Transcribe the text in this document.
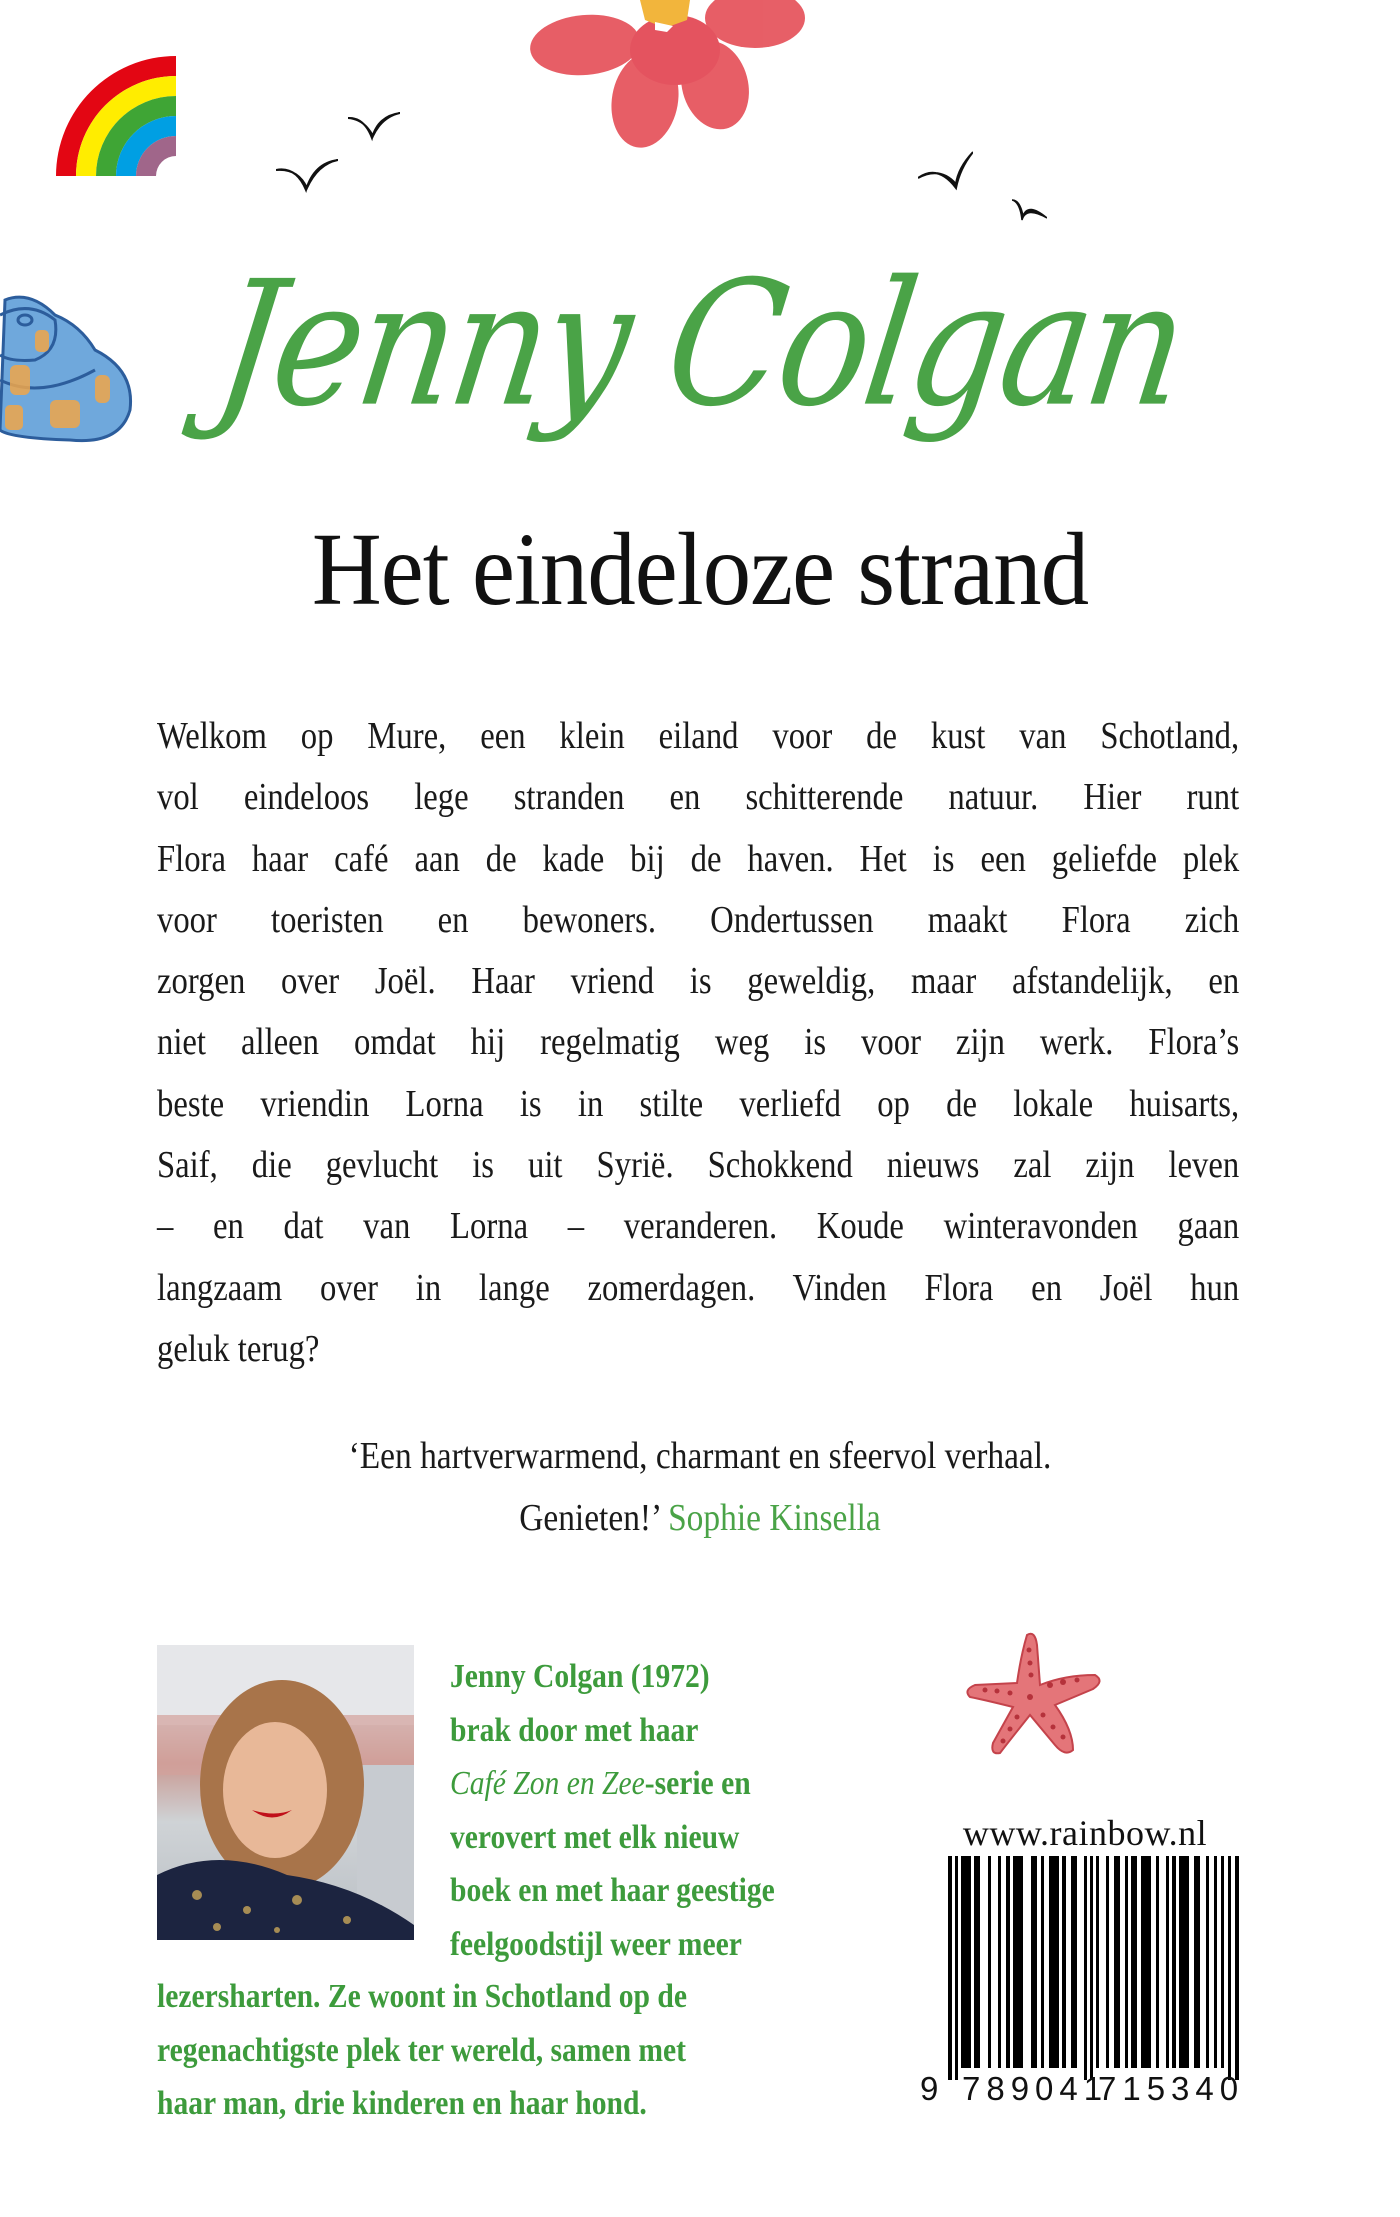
Jenny Colgan
Het eindeloze strand
Welkom op Mure, een klein eiland voor de kust van Schotland,
vol eindeloos lege stranden en schitterende natuur. Hier runt
Flora haar café aan de kade bij de haven. Het is een geliefde plek
voor toeristen en bewoners. Ondertussen maakt Flora zich
zorgen over Joël. Haar vriend is geweldig, maar afstandelijk, en
niet alleen omdat hij regelmatig weg is voor zijn werk. Flora’s
beste vriendin Lorna is in stilte verliefd op de lokale huisarts,
Saif, die gevlucht is uit Syrië. Schokkend nieuws zal zijn leven
– en dat van Lorna – veranderen. Koude winteravonden gaan
langzaam over in lange zomerdagen. Vinden Flora en Joël hun
geluk terug?
‘Een hartverwarmend, charmant en sfeervol verhaal.
Genieten!’ Sophie Kinsella
Jenny Colgan (1972)
brak door met haar
Café Zon en Zee-serie en
verovert met elk nieuw
boek en met haar geestige
feelgoodstijl weer meer
lezersharten. Ze woont in Schotland op de
regenachtigste plek ter wereld, samen met
haar man, drie kinderen en haar hond.
www.rainbow.nl
9 789041
715340
